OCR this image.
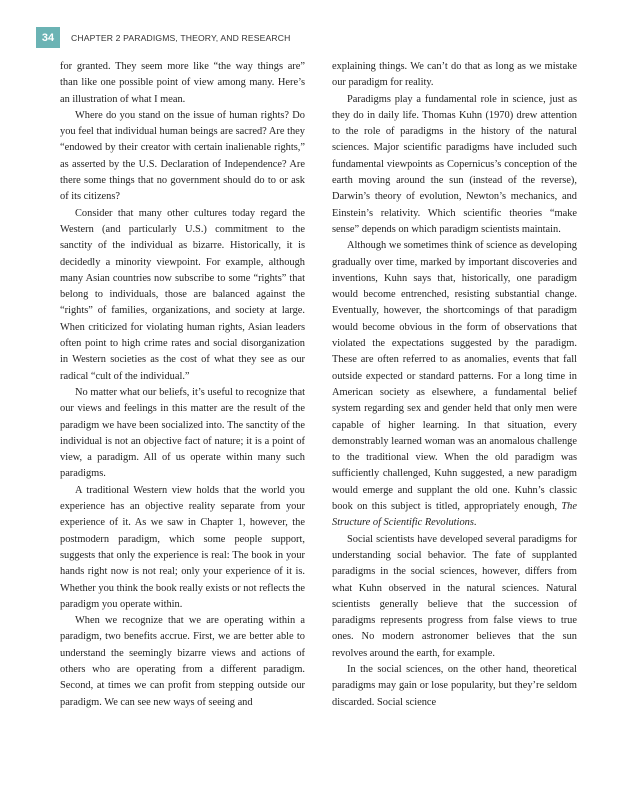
34	CHAPTER 2 PARADIGMS, THEORY, AND RESEARCH

for granted. They seem more like “the way things are” than like one possible point of view among many. Here’s an illustration of what I mean.

Where do you stand on the issue of human rights? Do you feel that individual human beings are sacred? Are they “endowed by their creator with certain inalienable rights,” as asserted by the U.S. Declaration of Independence? Are there some things that no government should do to or ask of its citizens?

Consider that many other cultures today regard the Western (and particularly U.S.) commitment to the sanctity of the individual as bizarre. Historically, it is decidedly a minority viewpoint. For example, although many Asian countries now subscribe to some “rights” that belong to individuals, those are balanced against the “rights” of families, organizations, and society at large. When criticized for violating human rights, Asian leaders often point to high crime rates and social disorganization in Western societies as the cost of what they see as our radical “cult of the individual.”

No matter what our beliefs, it’s useful to recognize that our views and feelings in this matter are the result of the paradigm we have been socialized into. The sanctity of the individual is not an objective fact of nature; it is a point of view, a paradigm. All of us operate within many such paradigms.

A traditional Western view holds that the world you experience has an objective reality separate from your experience of it. As we saw in Chapter 1, however, the postmodern paradigm, which some people support, suggests that only the experience is real: The book in your hands right now is not real; only your experience of it is. Whether you think the book really exists or not reflects the paradigm you operate within.

When we recognize that we are operating within a paradigm, two benefits accrue. First, we are better able to understand the seemingly bizarre views and actions of others who are operating from a different paradigm. Second, at times we can profit from stepping outside our paradigm. We can see new ways of seeing and

explaining things. We can’t do that as long as we mistake our paradigm for reality.

Paradigms play a fundamental role in science, just as they do in daily life. Thomas Kuhn (1970) drew attention to the role of paradigms in the history of the natural sciences. Major scientific paradigms have included such fundamental viewpoints as Copernicus’s conception of the earth moving around the sun (instead of the reverse), Darwin’s theory of evolution, Newton’s mechanics, and Einstein’s relativity. Which scientific theories “make sense” depends on which paradigm scientists maintain.

Although we sometimes think of science as developing gradually over time, marked by important discoveries and inventions, Kuhn says that, historically, one paradigm would become entrenched, resisting substantial change. Eventually, however, the shortcomings of that paradigm would become obvious in the form of observations that violated the expectations suggested by the paradigm. These are often referred to as anomalies, events that fall outside expected or standard patterns. For a long time in American society as elsewhere, a fundamental belief system regarding sex and gender held that only men were capable of higher learning. In that situation, every demonstrably learned woman was an anomalous challenge to the traditional view. When the old paradigm was sufficiently challenged, Kuhn suggested, a new paradigm would emerge and supplant the old one. Kuhn’s classic book on this subject is titled, appropriately enough, The Structure of Scientific Revolutions.

Social scientists have developed several paradigms for understanding social behavior. The fate of supplanted paradigms in the social sciences, however, differs from what Kuhn observed in the natural sciences. Natural scientists generally believe that the succession of paradigms represents progress from false views to true ones. No modern astronomer believes that the sun revolves around the earth, for example.

In the social sciences, on the other hand, theoretical paradigms may gain or lose popularity, but they’re seldom discarded. Social science
